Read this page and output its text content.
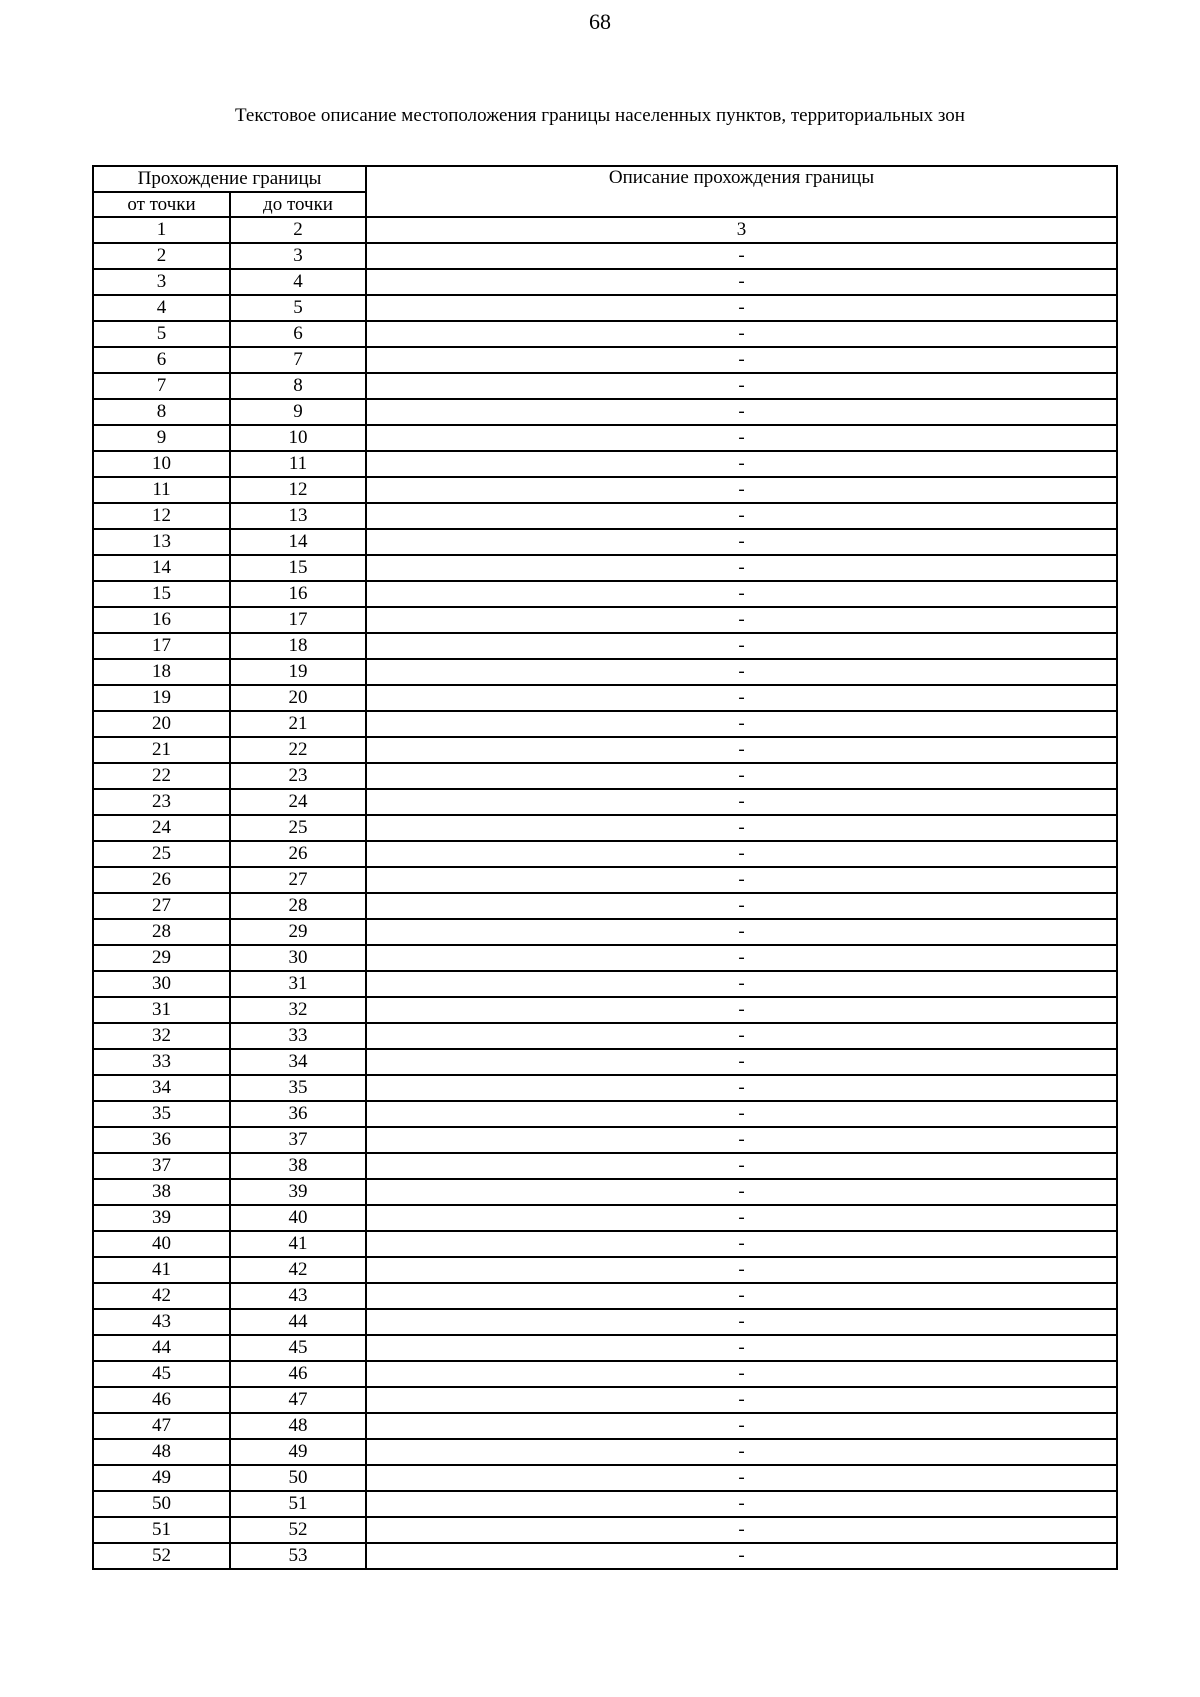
68
Текстовое описание местоположения границы населенных пунктов, территориальных зон
Прохождение границы		Описание прохождения границы
от точки	до точки	
1	2	3
2	3	-
3	4	-
4	5	-
5	6	-
6	7	-
7	8	-
8	9	-
9	10	-
10	11	-
11	12	-
12	13	-
13	14	-
14	15	-
15	16	-
16	17	-
17	18	-
18	19	-
19	20	-
20	21	-
21	22	-
22	23	-
23	24	-
24	25	-
25	26	-
26	27	-
27	28	-
28	29	-
29	30	-
30	31	-
31	32	-
32	33	-
33	34	-
34	35	-
35	36	-
36	37	-
37	38	-
38	39	-
39	40	-
40	41	-
41	42	-
42	43	-
43	44	-
44	45	-
45	46	-
46	47	-
47	48	-
48	49	-
49	50	-
50	51	-
51	52	-
52	53	-
